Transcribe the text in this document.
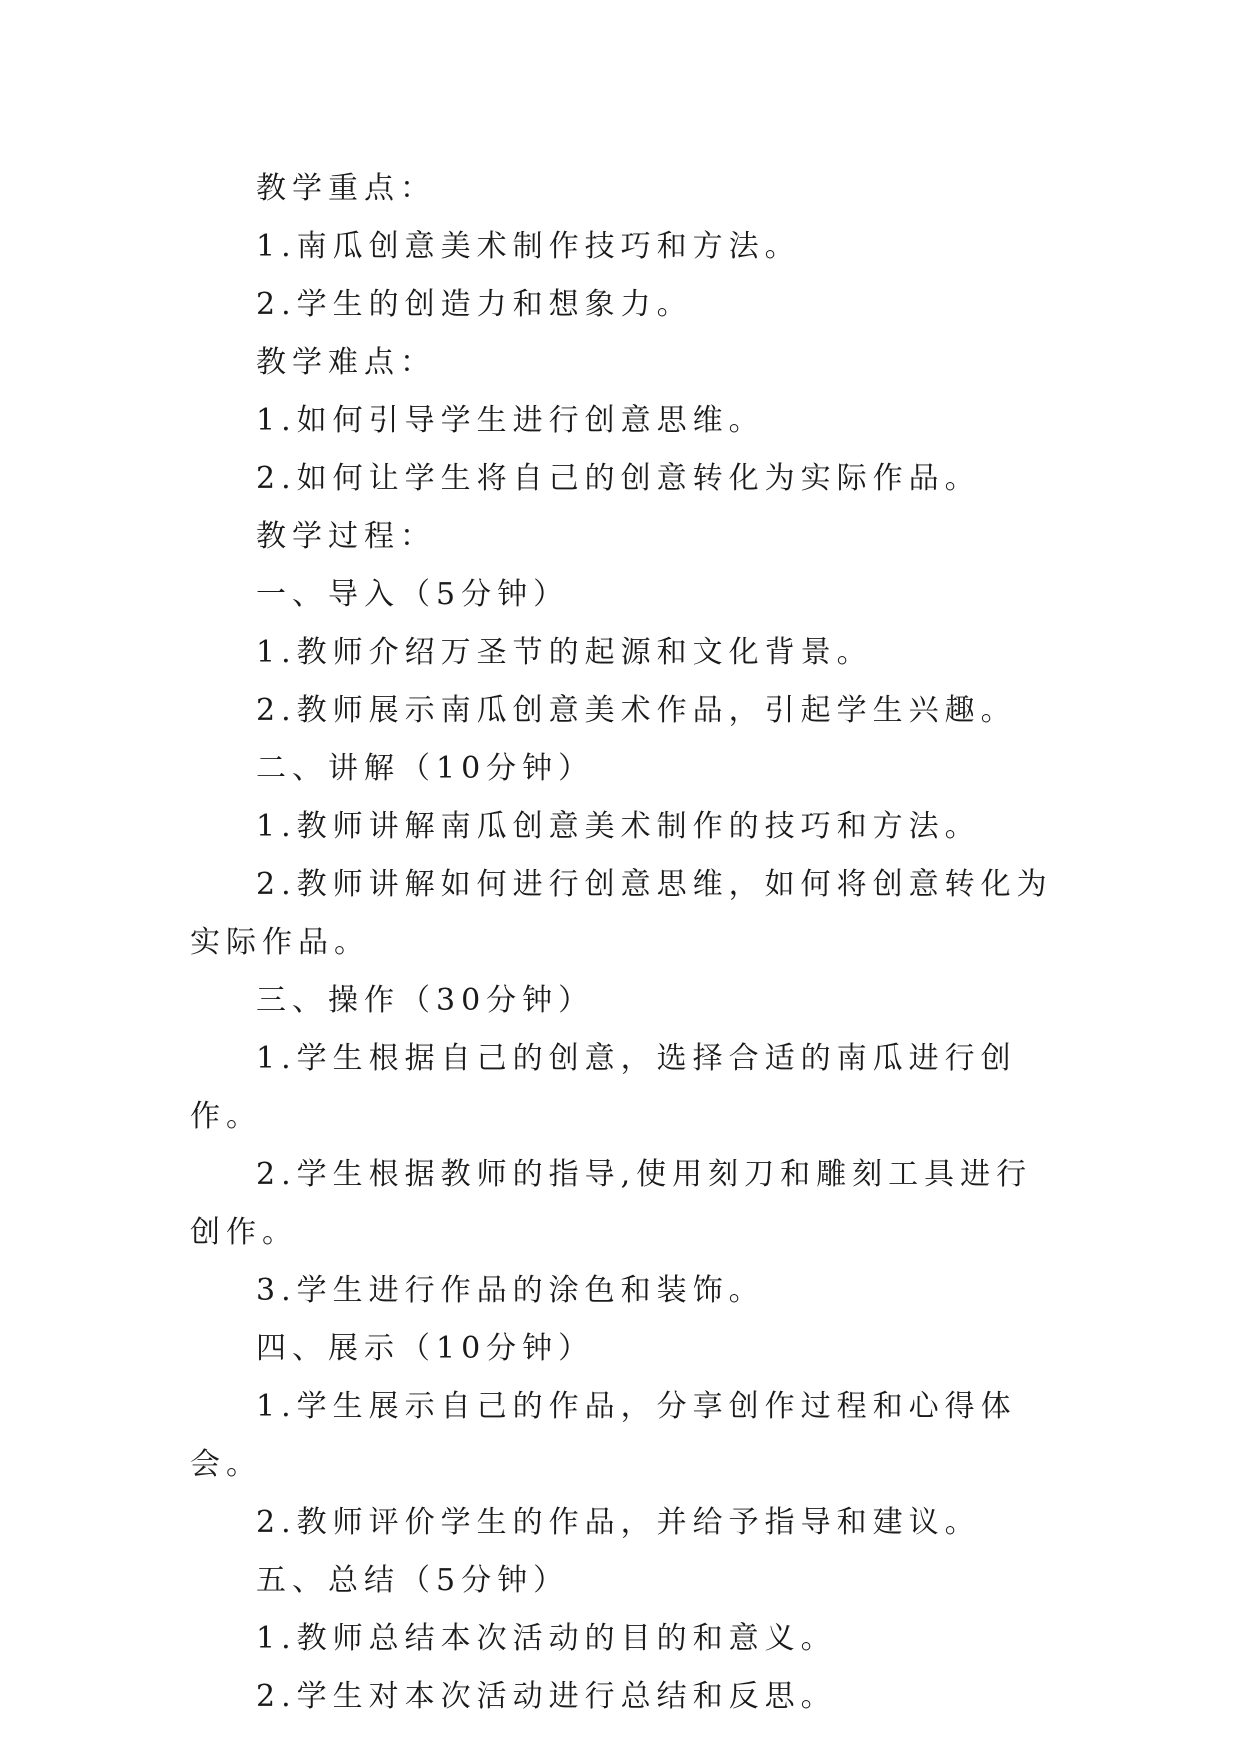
教学重点：

1.南瓜创意美术制作技巧和方法。

2.学生的创造力和想象力。

教学难点：

1.如何引导学生进行创意思维。

2.如何让学生将自己的创意转化为实际作品。

教学过程：

一、导入（5分钟）

1.教师介绍万圣节的起源和文化背景。

2.教师展示南瓜创意美术作品，引起学生兴趣。

二、讲解（10分钟）

1.教师讲解南瓜创意美术制作的技巧和方法。

2.教师讲解如何进行创意思维，如何将创意转化为实际作品。

三、操作（30分钟）

1.学生根据自己的创意，选择合适的南瓜进行创作。

2.学生根据教师的指导,使用刻刀和雕刻工具进行创作。

3.学生进行作品的涂色和装饰。

四、展示（10分钟）

1.学生展示自己的作品，分享创作过程和心得体会。

2.教师评价学生的作品，并给予指导和建议。

五、总结（5分钟）

1.教师总结本次活动的目的和意义。

2.学生对本次活动进行总结和反思。
